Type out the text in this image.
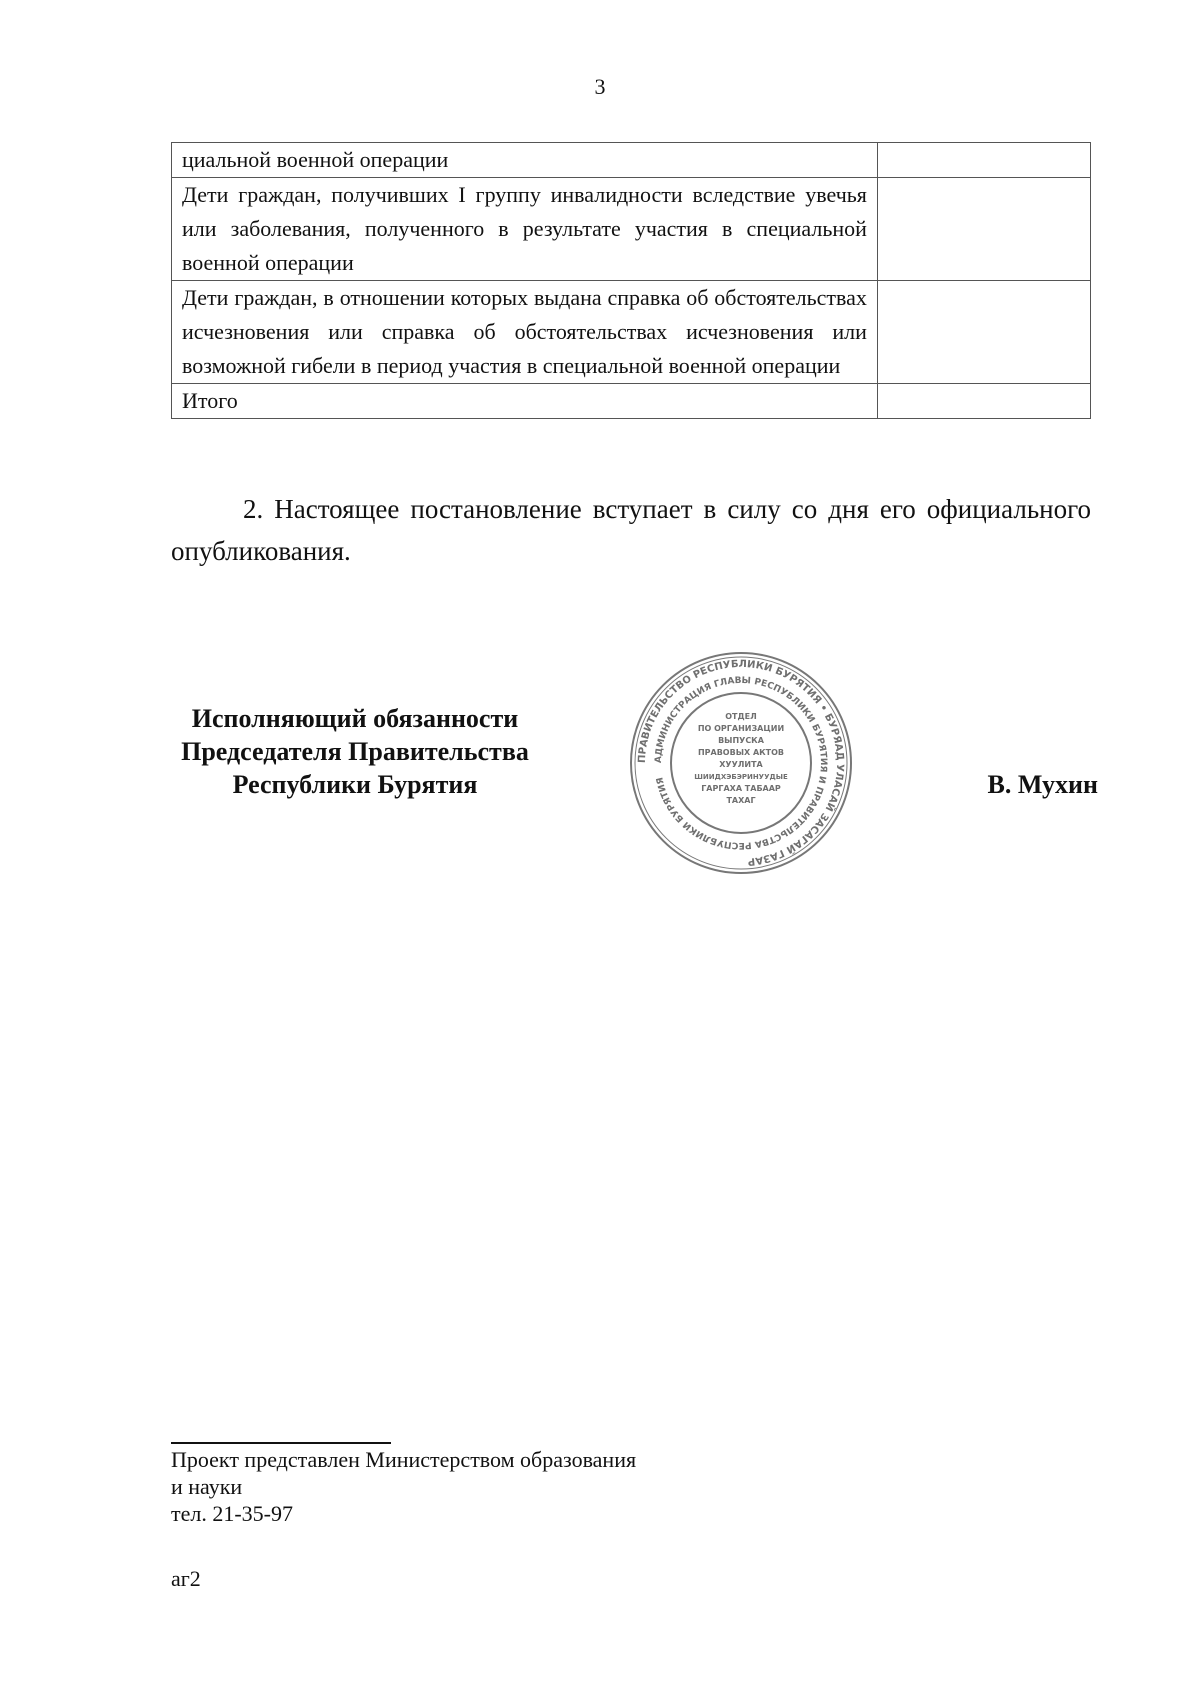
3
циальной военной операции	
Дети граждан, получивших I группу инвалидности вследствие увечья или заболевания, полученного в результате участия в специальной военной операции	
Дети граждан, в отношении которых выдана справка об обстоятельствах исчезновения или справка об обстоятельствах исчезновения или возможной гибели в период участия в специальной военной операции	
Итого	

2. Настоящее постановление вступает в силу со дня его официального опубликования.

Исполняющий обязанности
Председателя Правительства
Республики Бурятия
ПРАВИТЕЛЬСТВО РЕСПУБЛИКИ БУРЯТИЯ • БУРЯАД УЛАСАЙ ЗАСАГАЙ ГАЗАР
АДМИНИСТРАЦИЯ ГЛАВЫ РЕСПУБЛИКИ БУРЯТИЯ И ПРАВИТЕЛЬСТВА РЕСПУБЛИКИ БУРЯТИЯ
ОТДЕЛ
ПО ОРГАНИЗАЦИИ
ВЫПУСКА
ПРАВОВЫХ АКТОВ
ХУУЛИТА
ШИИДХЭБЭРИНУУДЫЕ
ГАРГАХА ТАБААР
ТАХАГ
В. Мухин
Проект представлен Министерством образования
и науки
тел. 21-35-97
аг2
